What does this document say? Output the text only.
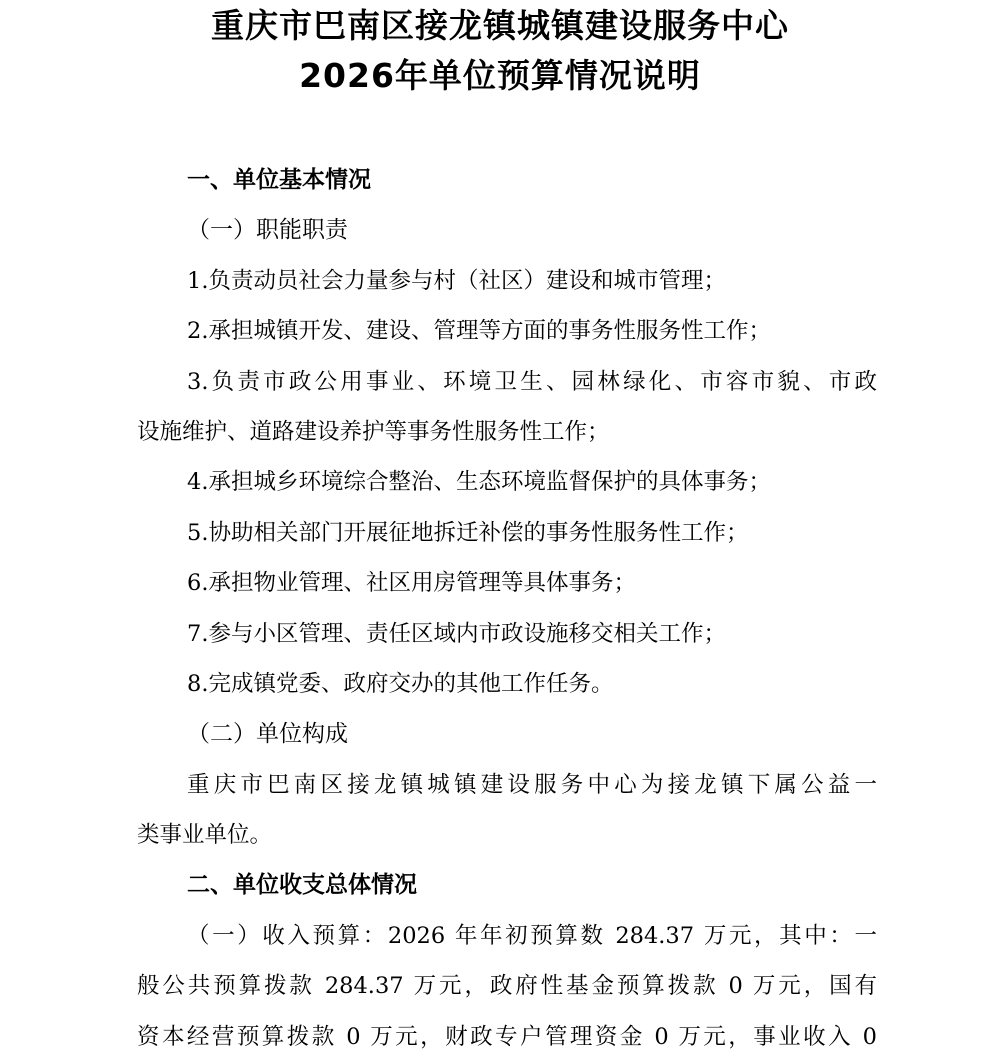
重庆市巴南区接龙镇城镇建设服务中心
2026年单位预算情况说明
一、单位基本情况
（一）职能职责
1.负责动员社会力量参与村（社区）建设和城市管理；
2.承担城镇开发、建设、管理等方面的事务性服务性工作；
3.负责市政公用事业、环境卫生、园林绿化、市容市貌、市政
设施维护、道路建设养护等事务性服务性工作；
4.承担城乡环境综合整治、生态环境监督保护的具体事务；
5.协助相关部门开展征地拆迁补偿的事务性服务性工作；
6.承担物业管理、社区用房管理等具体事务；
7.参与小区管理、责任区域内市政设施移交相关工作；
8.完成镇党委、政府交办的其他工作任务。
（二）单位构成
重庆市巴南区接龙镇城镇建设服务中心为接龙镇下属公益一
类事业单位。
二、单位收支总体情况
（一）收入预算：2026 年年初预算数 284.37 万元，其中：一
般公共预算拨款 284.37 万元，政府性基金预算拨款 0 万元，国有
资本经营预算拨款 0 万元，财政专户管理资金 0 万元，事业收入 0
